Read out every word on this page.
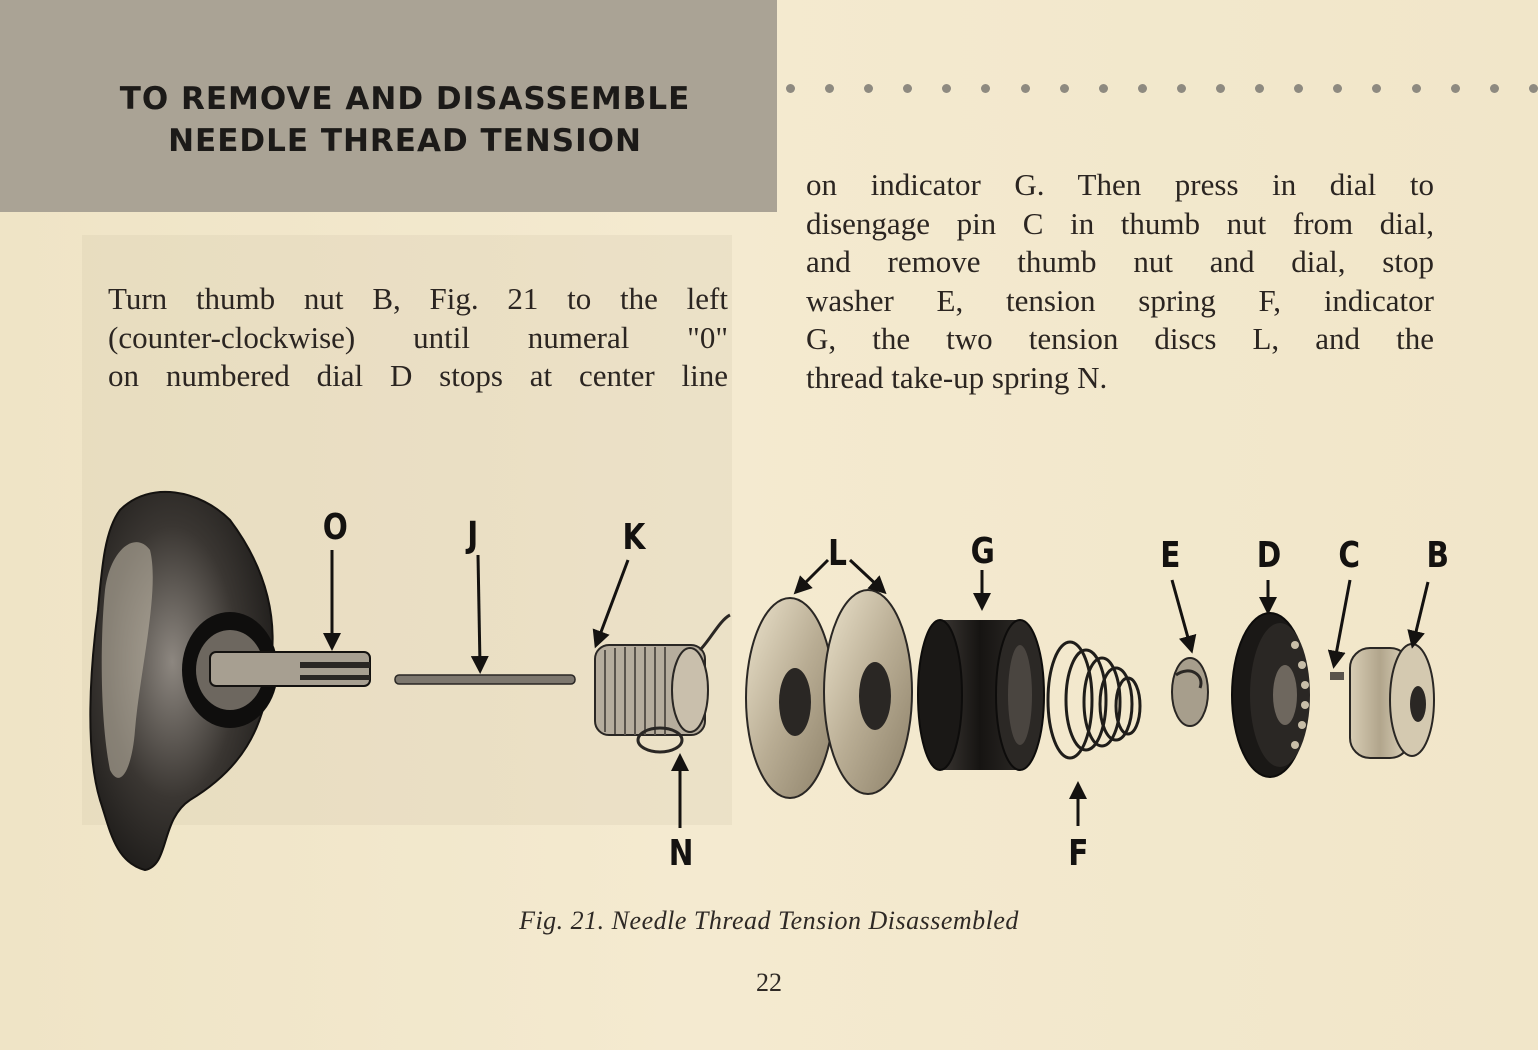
TO REMOVE AND DISASSEMBLE
NEEDLE THREAD TENSION

Turn thumb nut B, Fig. 21 to the left
(counter-clockwise) until numeral "0"
on numbered dial D stops at center line

on indicator G. Then press in dial to
disengage pin C in thumb nut from dial,
and remove thumb nut and dial, stop
washer E, tension spring F, indicator
G, the two tension discs L, and the
thread take-up spring N.

O	J	K	L	G	E D C B
N	F
Fig. 21. Needle Thread Tension Disassembled
22
